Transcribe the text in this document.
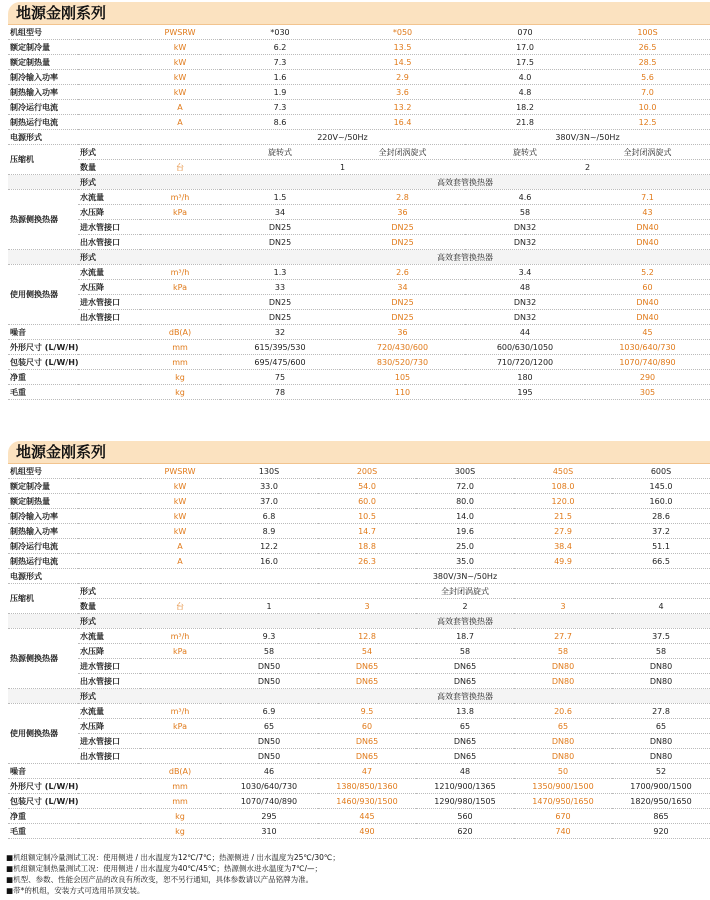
地源金刚系列
机组型号		PWSRW	*030	*050	070	100S
额定制冷量		kW	6.2	13.5	17.0	26.5
额定制热量		kW	7.3	14.5	17.5	28.5
制冷输入功率		kW	1.6	2.9	4.0	5.6
制热输入功率		kW	1.9	3.6	4.8	7.0
制冷运行电流		A	7.3	13.2	18.2	10.0
制热运行电流		A	8.6	16.4	21.8	12.5
电源形式			220V~/50Hz		380V/3N~/50Hz	
压缩机	形式		旋转式	全封闭涡旋式	旋转式	全封闭涡旋式
	数量	台	1		2	
	形式		高效套管换热器			
热源侧换热器	水流量	m³/h	1.5	2.8	4.6	7.1
	水压降	kPa	34	36	58	43
	进水管接口		DN25	DN25	DN32	DN40
	出水管接口		DN25	DN25	DN32	DN40
	形式		高效套管换热器			
使用侧换热器	水流量	m³/h	1.3	2.6	3.4	5.2
	水压降	kPa	33	34	48	60
	进水管接口		DN25	DN25	DN32	DN40
	出水管接口		DN25	DN25	DN32	DN40
噪音		dB(A)	32	36	44	45
外形尺寸 (L/W/H)		mm	615/395/530	720/430/600	600/630/1050	1030/640/730
包装尺寸 (L/W/H)		mm	695/475/600	830/520/730	710/720/1200	1070/740/890
净重		kg	75	105	180	290
毛重		kg	78	110	195	305
地源金刚系列
机组型号		PWSRW	130S	200S	300S	450S	600S
额定制冷量		kW	33.0	54.0	72.0	108.0	145.0
额定制热量		kW	37.0	60.0	80.0	120.0	160.0
制冷输入功率		kW	6.8	10.5	14.0	21.5	28.6
制热输入功率		kW	8.9	14.7	19.6	27.9	37.2
制冷运行电流		A	12.2	18.8	25.0	38.4	51.1
制热运行电流		A	16.0	26.3	35.0	49.9	66.5
电源形式			380V/3N~/50Hz				
压缩机	形式		全封闭涡旋式				
	数量	台	1	3	2	3	4
	形式		高效套管换热器				
热源侧换热器	水流量	m³/h	9.3	12.8	18.7	27.7	37.5
	水压降	kPa	58	54	58	58	58
	进水管接口		DN50	DN65	DN65	DN80	DN80
	出水管接口		DN50	DN65	DN65	DN80	DN80
	形式		高效套管换热器				
使用侧换热器	水流量	m³/h	6.9	9.5	13.8	20.6	27.8
	水压降	kPa	65	60	65	65	65
	进水管接口		DN50	DN65	DN65	DN80	DN80
	出水管接口		DN50	DN65	DN65	DN80	DN80
噪音		dB(A)	46	47	48	50	52
外形尺寸 (L/W/H)		mm	1030/640/730	1380/850/1360	1210/900/1365	1350/900/1500	1700/900/1500
包装尺寸 (L/W/H)		mm	1070/740/890	1460/930/1500	1290/980/1505	1470/950/1650	1820/950/1650
净重		kg	295	445	560	670	865
毛重		kg	310	490	620	740	920
■机组额定制冷量测试工况：使用侧进 / 出水温度为12℃/7℃；热源侧进 / 出水温度为25℃/30℃；
■机组额定制热量测试工况：使用侧进 / 出水温度为40℃/45℃；热源侧水进水温度为7℃/—；
■机型、参数、性能会因产品的改良有所改变，恕不另行通知，具体参数请以产品铭牌为准。
■带*的机组，安装方式可选用吊顶安装。
